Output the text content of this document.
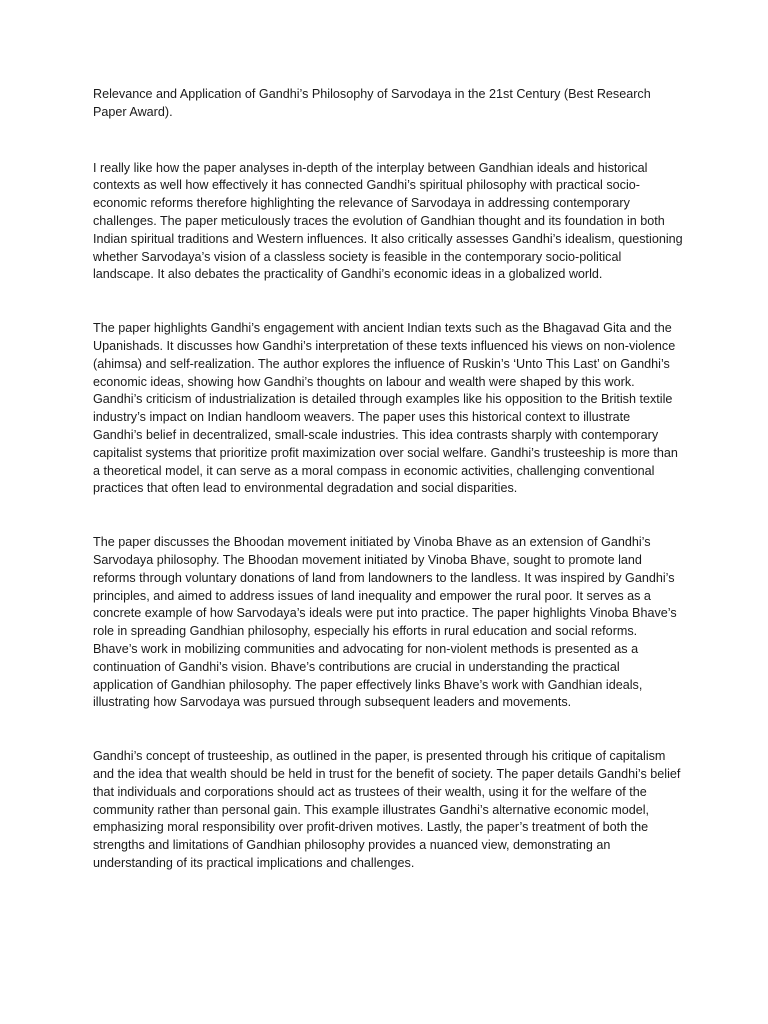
Relevance and Application of Gandhi’s Philosophy of Sarvodaya in the 21st Century (Best Research Paper Award).

I really like how the paper analyses in-depth of the interplay between Gandhian ideals and historical contexts as well how effectively it has connected Gandhi’s spiritual philosophy with practical socio-economic reforms therefore highlighting the relevance of Sarvodaya in addressing contemporary challenges. The paper meticulously traces the evolution of Gandhian thought and its foundation in both Indian spiritual traditions and Western influences. It also critically assesses Gandhi’s idealism, questioning whether Sarvodaya’s vision of a classless society is feasible in the contemporary socio-political landscape. It also debates the practicality of Gandhi’s economic ideas in a globalized world.

The paper highlights Gandhi’s engagement with ancient Indian texts such as the Bhagavad Gita and the Upanishads. It discusses how Gandhi’s interpretation of these texts influenced his views on non-violence (ahimsa) and self-realization. The author explores the influence of Ruskin’s ‘Unto This Last’ on Gandhi’s economic ideas, showing how Gandhi’s thoughts on labour and wealth were shaped by this work. Gandhi’s criticism of industrialization is detailed through examples like his opposition to the British textile industry’s impact on Indian handloom weavers. The paper uses this historical context to illustrate Gandhi’s belief in decentralized, small-scale industries. This idea contrasts sharply with contemporary capitalist systems that prioritize profit maximization over social welfare. Gandhi’s trusteeship is more than a theoretical model, it can serve as a moral compass in economic activities, challenging conventional practices that often lead to environmental degradation and social disparities.

The paper discusses the Bhoodan movement initiated by Vinoba Bhave as an extension of Gandhi’s Sarvodaya philosophy. The Bhoodan movement initiated by Vinoba Bhave, sought to promote land reforms through voluntary donations of land from landowners to the landless. It was inspired by Gandhi’s principles, and aimed to address issues of land inequality and empower the rural poor. It serves as a concrete example of how Sarvodaya’s ideals were put into practice. The paper highlights Vinoba Bhave’s role in spreading Gandhian philosophy, especially his efforts in rural education and social reforms. Bhave’s work in mobilizing communities and advocating for non-violent methods is presented as a continuation of Gandhi’s vision. Bhave’s contributions are crucial in understanding the practical application of Gandhian philosophy. The paper effectively links Bhave’s work with Gandhian ideals, illustrating how Sarvodaya was pursued through subsequent leaders and movements.

Gandhi’s concept of trusteeship, as outlined in the paper, is presented through his critique of capitalism and the idea that wealth should be held in trust for the benefit of society. The paper details Gandhi’s belief that individuals and corporations should act as trustees of their wealth, using it for the welfare of the community rather than personal gain. This example illustrates Gandhi’s alternative economic model, emphasizing moral responsibility over profit-driven motives. Lastly, the paper’s treatment of both the strengths and limitations of Gandhian philosophy provides a nuanced view, demonstrating an understanding of its practical implications and challenges.
